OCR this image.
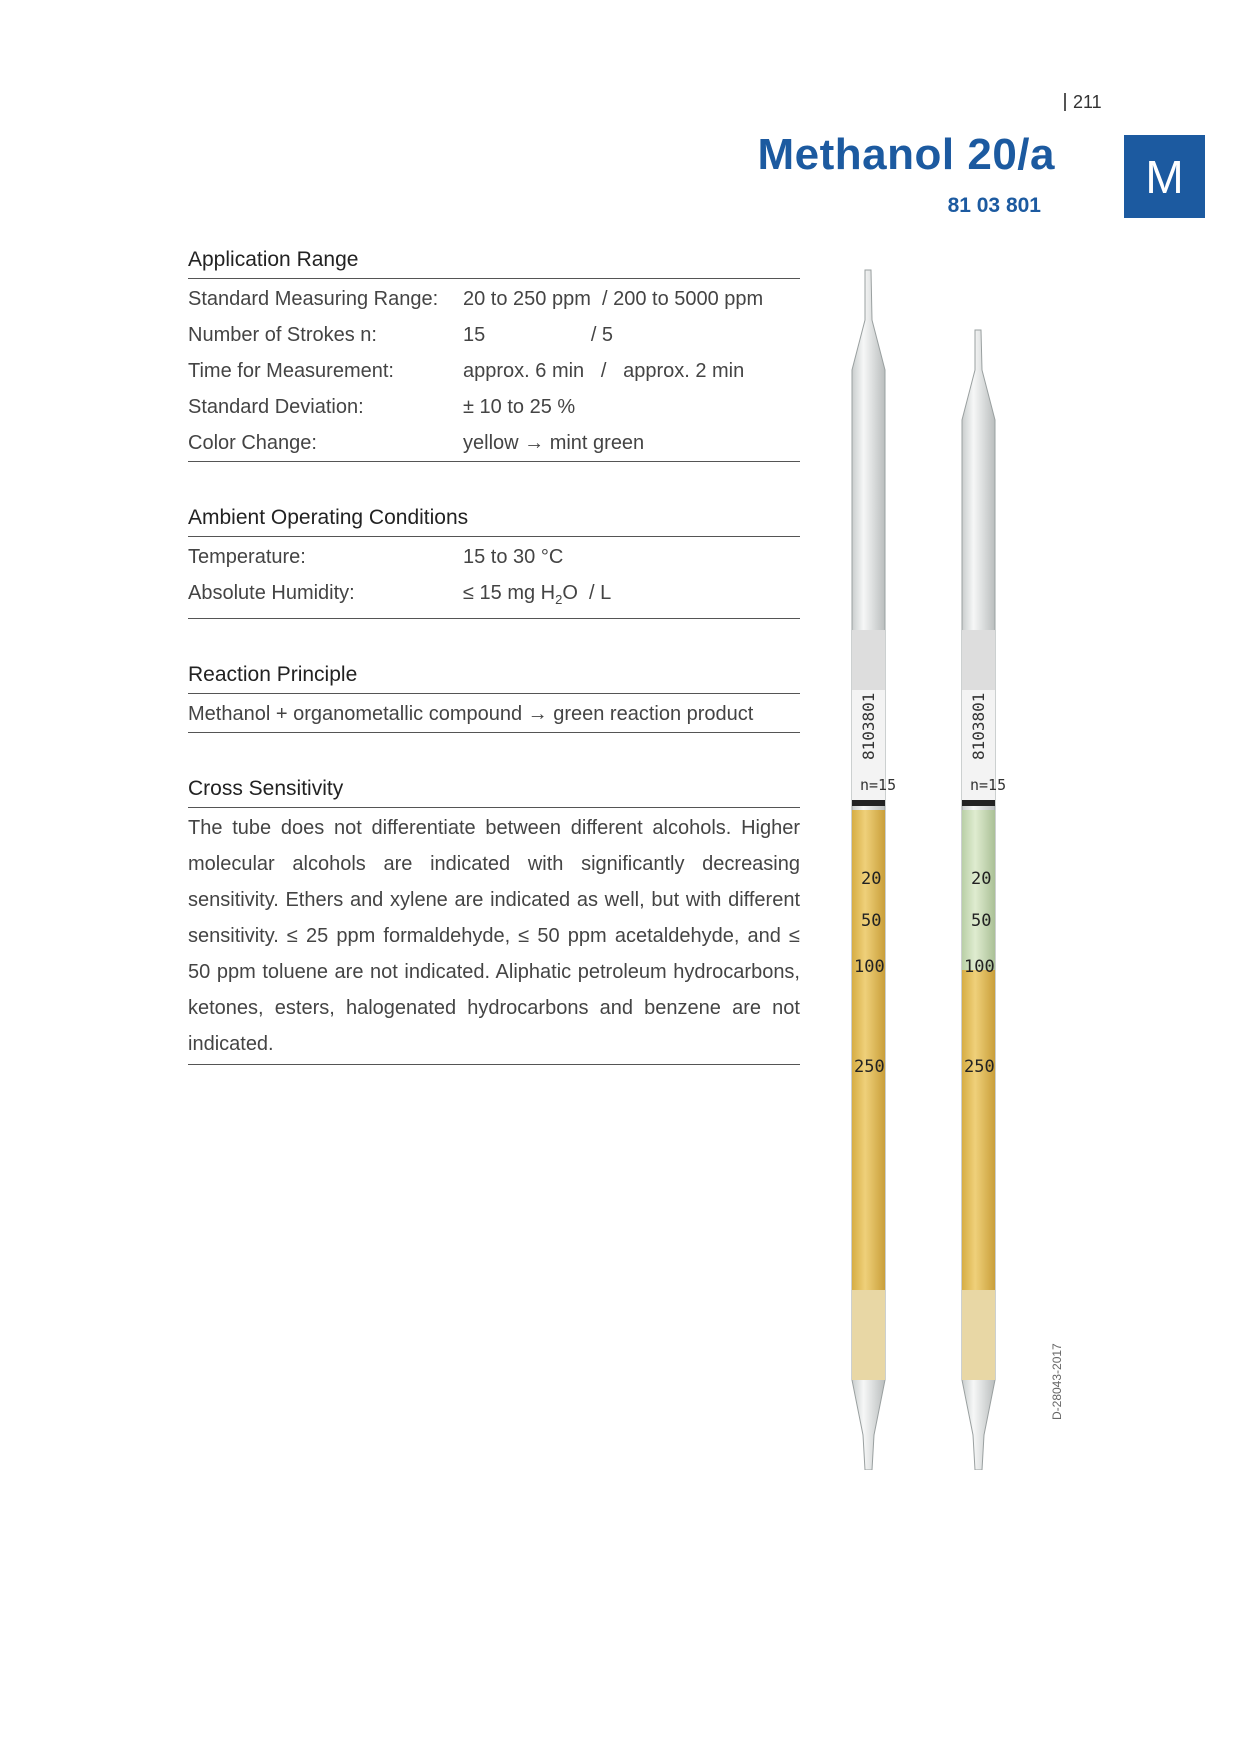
211
Methanol 20/a
81 03 801
M
Application Range
Standard Measuring Range:	20 to 250 ppm  / 200 to 5000 ppm
Number of Strokes n:	15                   / 5
Time for Measurement:	approx. 6 min   /   approx. 2 min
Standard Deviation:	± 10 to 25 %
Color Change:	yellow → mint green
Ambient Operating Conditions
Temperature:	15 to 30 °C
Absolute Humidity:	≤ 15 mg $H_2O$  / L
Reaction Principle
Methanol + organometallic compound → green reaction product
Cross Sensitivity
The tube does not differentiate between different alcohols. Higher molecular alcohols are indicated with significantly decreasing sensitivity. Ethers and xylene are indicated as well, but with different sensitivity. ≤ 25 ppm formaldehyde, ≤ 50 ppm acetaldehyde, and ≤ 50 ppm toluene are not indicated. Aliphatic petroleum hydrocarbons, ketones, esters, halogenated hydrocarbons and benzene are not indicated.
8103801	8103801
n=15	n=15
20
50
100
250
20
50
100
250
D-28043-2017
